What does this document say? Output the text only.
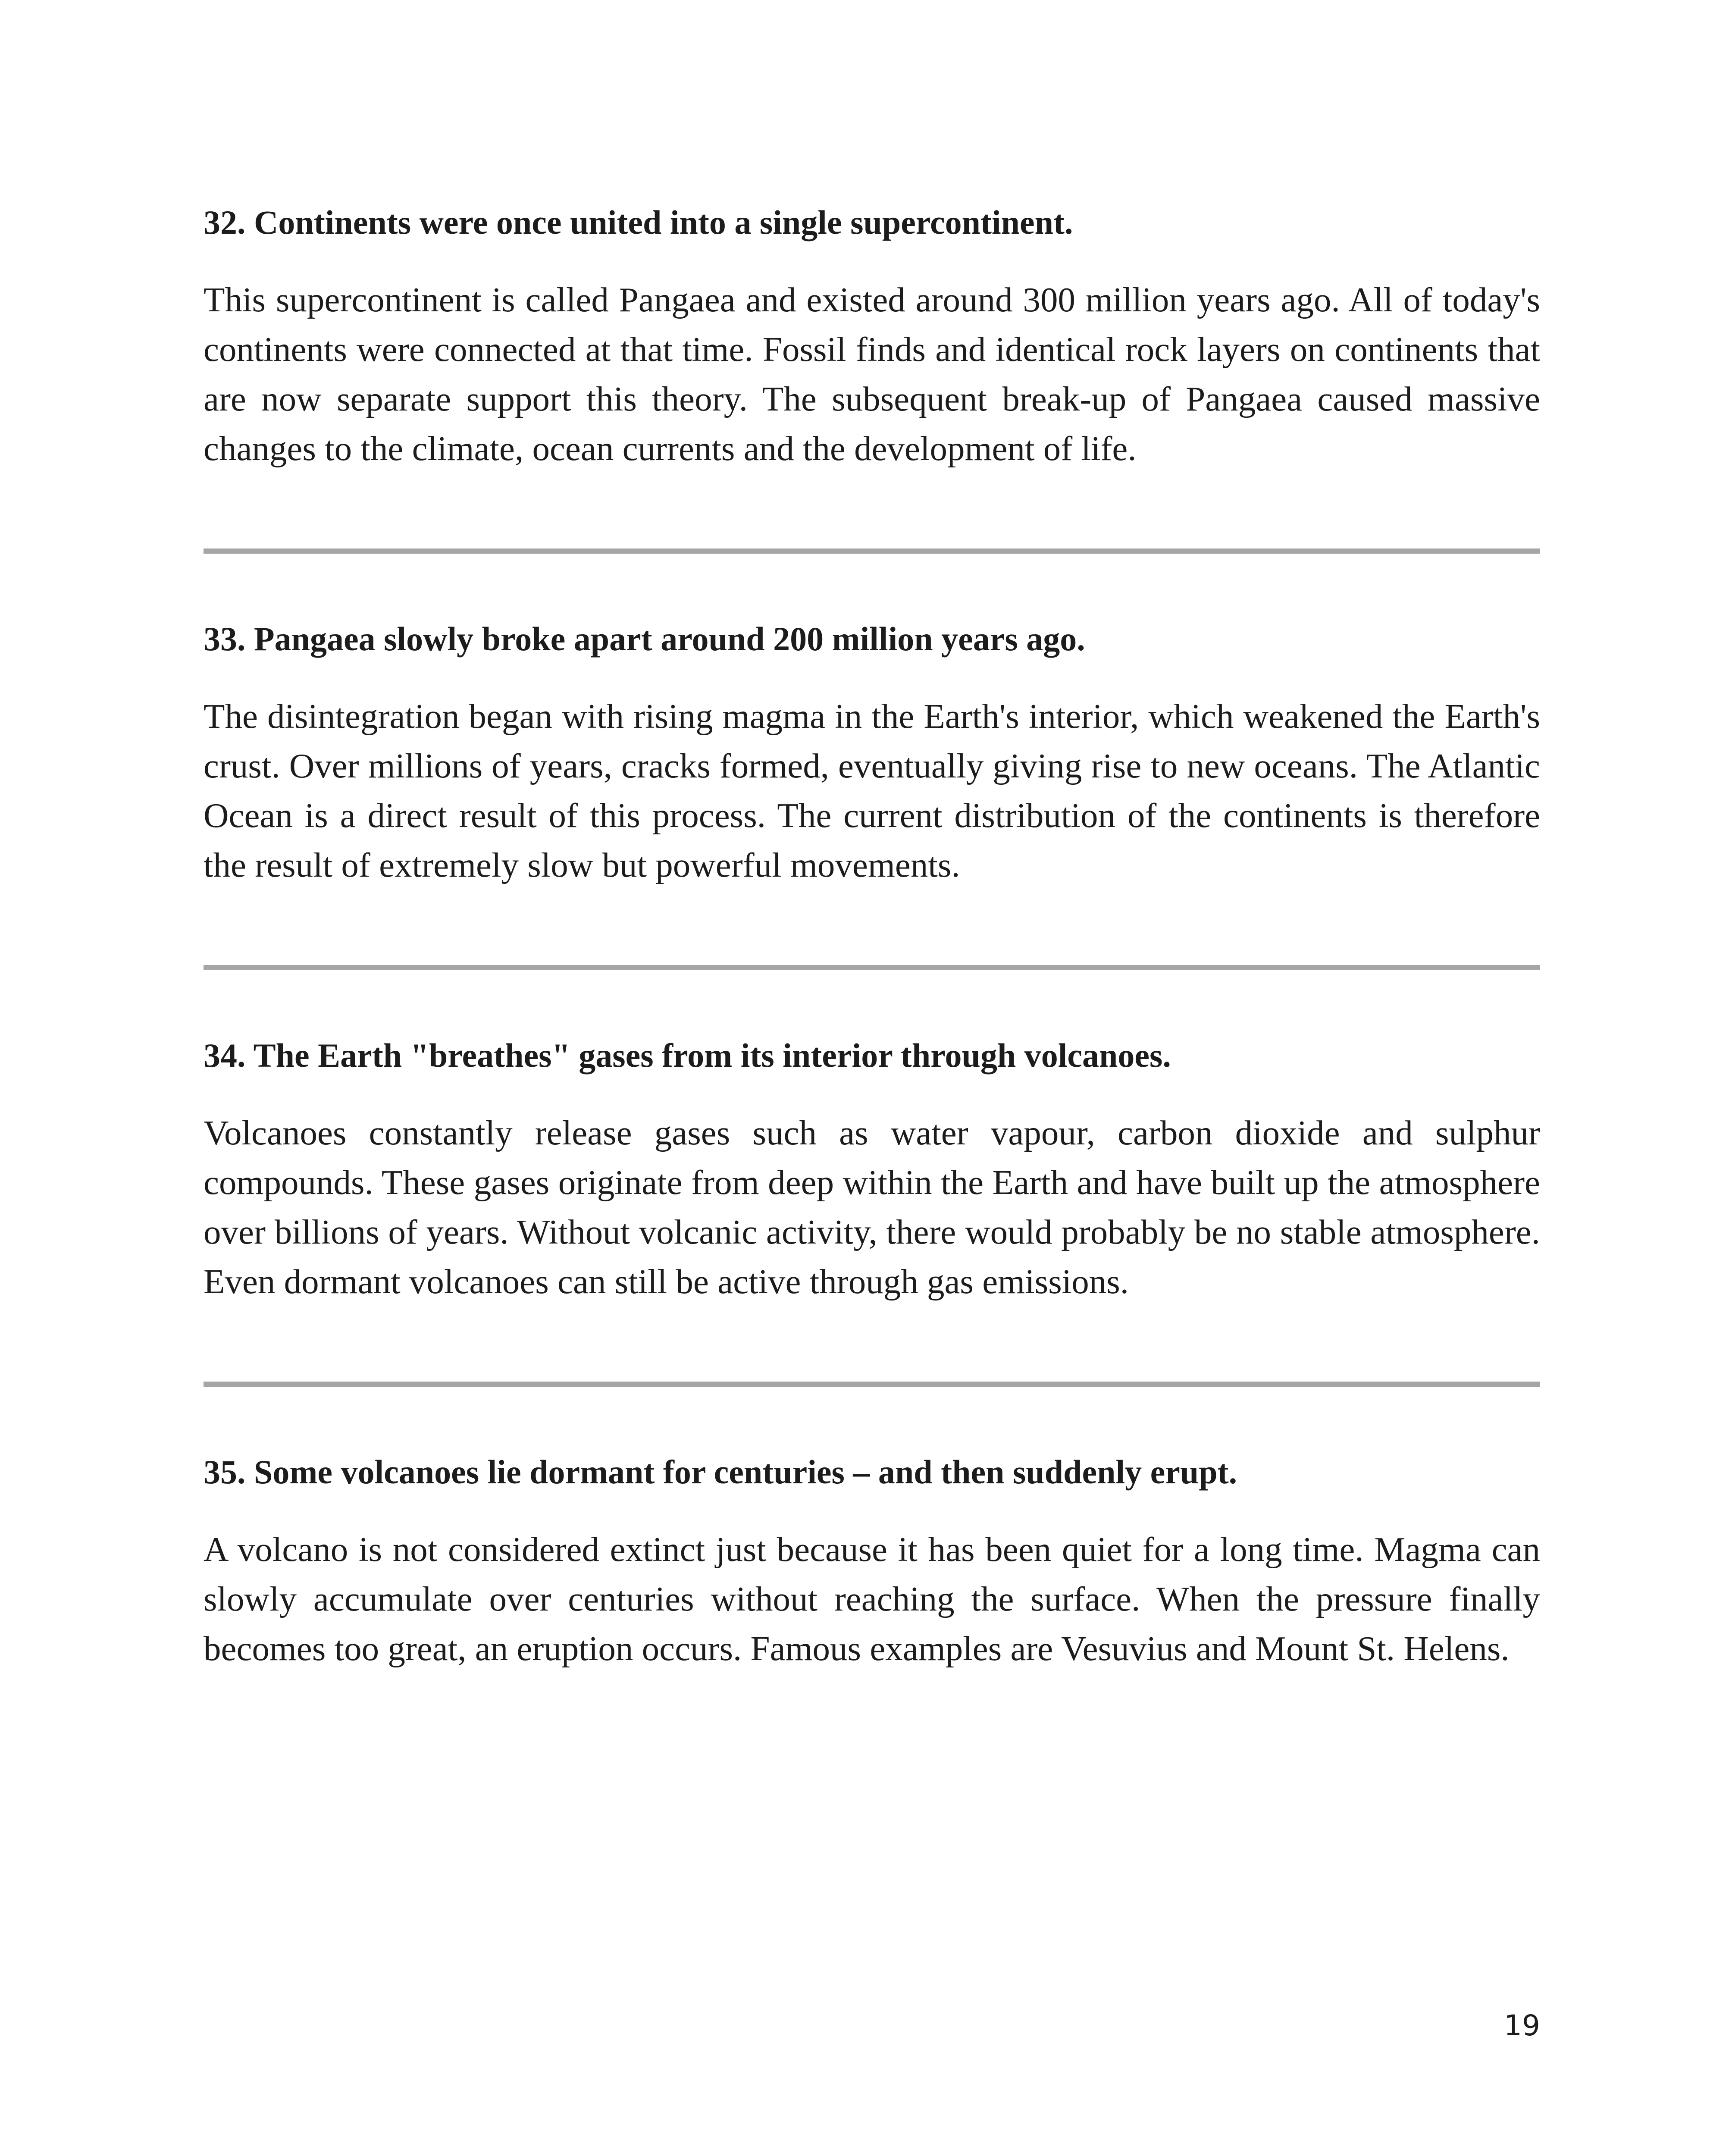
32. Continents were once united into a single supercontinent.

This supercontinent is called Pangaea and existed around 300 million years ago. All of today's continents were connected at that time. Fossil finds and identical rock layers on continents that are now separate support this theory. The subsequent break-up of Pangaea caused massive changes to the climate, ocean currents and the development of life.

33. Pangaea slowly broke apart around 200 million years ago.

The disintegration began with rising magma in the Earth's interior, which weakened the Earth's crust. Over millions of years, cracks formed, eventually giving rise to new oceans. The Atlantic Ocean is a direct result of this process. The current distribution of the continents is therefore the result of extremely slow but powerful movements.

34. The Earth "breathes" gases from its interior through volcanoes.

Volcanoes constantly release gases such as water vapour, carbon dioxide and sulphur compounds. These gases originate from deep within the Earth and have built up the atmosphere over billions of years. Without volcanic activity, there would probably be no stable atmosphere. Even dormant volcanoes can still be active through gas emissions.

35. Some volcanoes lie dormant for centuries – and then suddenly erupt.

A volcano is not considered extinct just because it has been quiet for a long time. Magma can slowly accumulate over centuries without reaching the surface. When the pressure finally becomes too great, an eruption occurs. Famous examples are Vesuvius and Mount St. Helens.

19
